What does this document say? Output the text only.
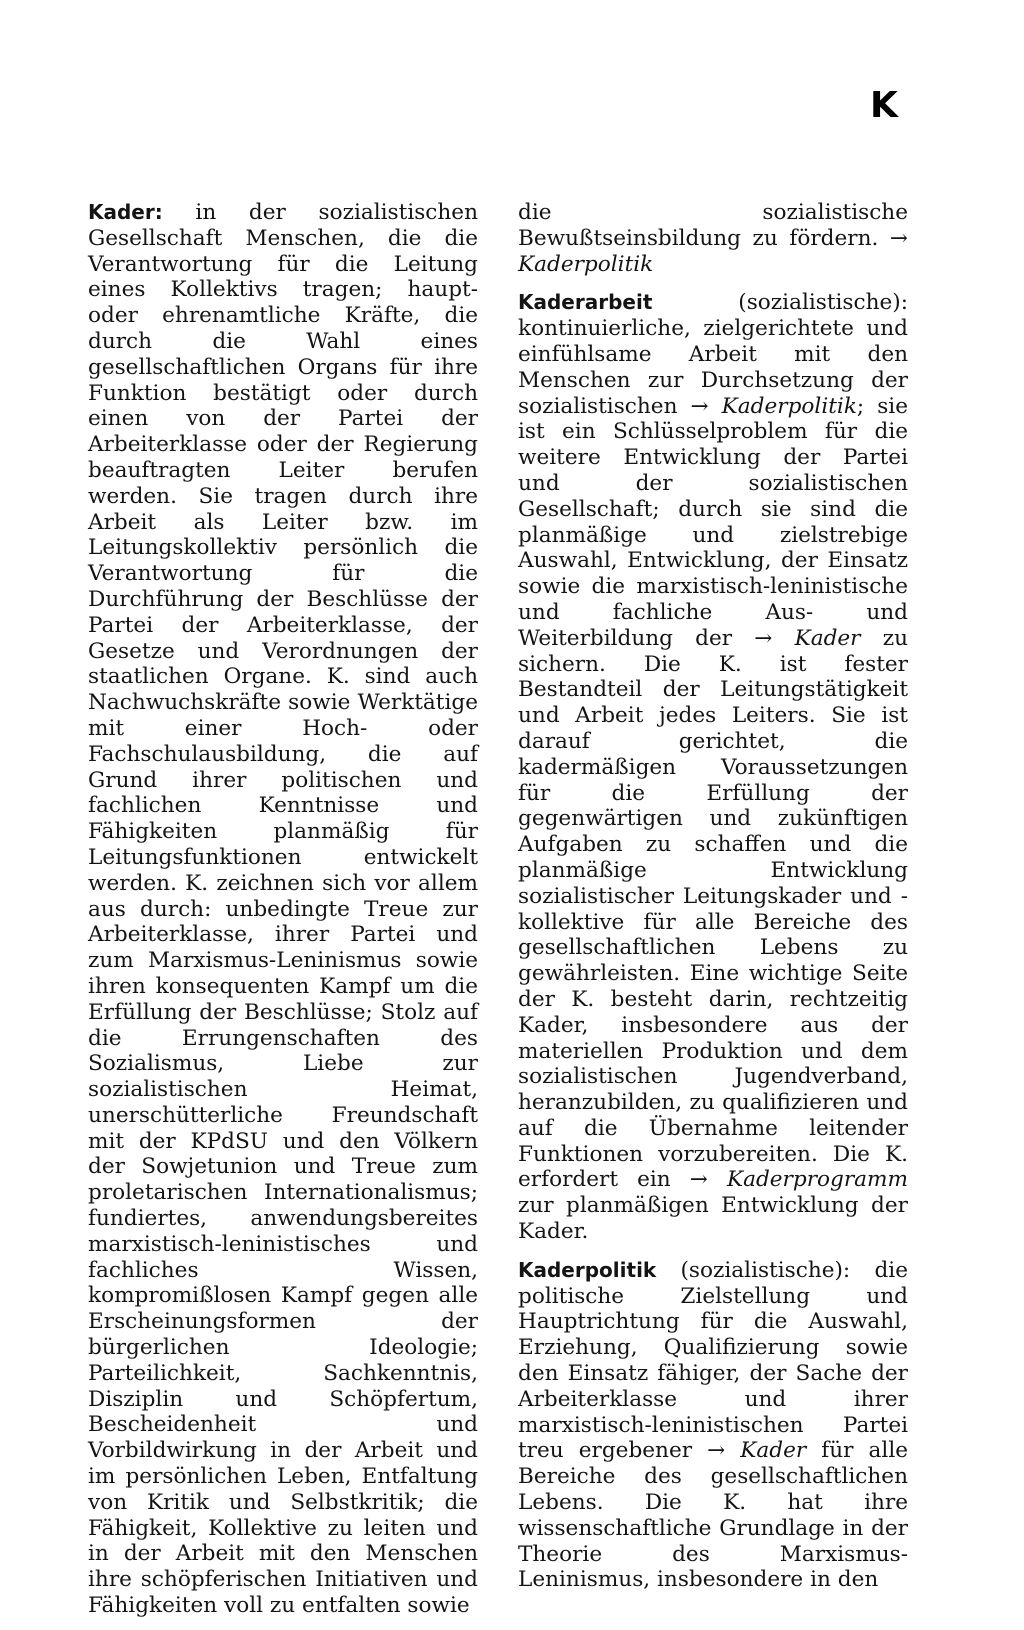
K

Kader: in der sozialistischen Gesellschaft Menschen, die die Verantwortung für die Leitung eines Kollektivs tragen; haupt- oder ehrenamtliche Kräfte, die durch die Wahl eines gesellschaftlichen Organs für ihre Funktion bestätigt oder durch einen von der Partei der Arbeiterklasse oder der Regierung beauftragten Leiter berufen werden. Sie tragen durch ihre Arbeit als Leiter bzw. im Leitungskollektiv persönlich die Verantwortung für die Durchführung der Beschlüsse der Partei der Arbeiterklasse, der Gesetze und Verordnungen der staatlichen Organe. K. sind auch Nachwuchskräfte sowie Werktätige mit einer Hoch- oder Fachschulausbildung, die auf Grund ihrer politischen und fachlichen Kenntnisse und Fähigkeiten planmäßig für Leitungsfunktionen entwickelt werden. K. zeichnen sich vor allem aus durch: unbedingte Treue zur Arbeiterklasse, ihrer Partei und zum Marxismus-Leninismus sowie ihren konsequenten Kampf um die Erfüllung der Beschlüsse; Stolz auf die Errungenschaften des Sozialismus, Liebe zur sozialistischen Heimat, unerschütterliche Freundschaft mit der KPdSU und den Völkern der Sowjetunion und Treue zum proletarischen Internationalismus; fundiertes, anwendungsbereites marxistisch-leninistisches und fachliches Wissen, kompromißlosen Kampf gegen alle Erscheinungsformen der bürgerlichen Ideologie; Parteilichkeit, Sachkenntnis, Disziplin und Schöpfertum, Bescheidenheit und Vorbildwirkung in der Arbeit und im persönlichen Leben, Entfaltung von Kritik und Selbstkritik; die Fähigkeit, Kollektive zu leiten und in der Arbeit mit den Menschen ihre schöpferischen Initiativen und Fähigkeiten voll zu entfalten sowie

die sozialistische Bewußtseinsbildung zu fördern. → Kaderpolitik

Kaderarbeit (sozialistische): kontinuierliche, zielgerichtete und einfühlsame Arbeit mit den Menschen zur Durchsetzung der sozialistischen → Kaderpolitik; sie ist ein Schlüsselproblem für die weitere Entwicklung der Partei und der sozialistischen Gesellschaft; durch sie sind die planmäßige und zielstrebige Auswahl, Entwicklung, der Einsatz sowie die marxistisch-leninistische und fachliche Aus- und Weiterbildung der → Kader zu sichern. Die K. ist fester Bestandteil der Leitungstätigkeit und Arbeit jedes Leiters. Sie ist darauf gerichtet, die kadermäßigen Voraussetzungen für die Erfüllung der gegenwärtigen und zukünftigen Aufgaben zu schaffen und die planmäßige Entwicklung sozialistischer Leitungskader und -kollektive für alle Bereiche des gesellschaftlichen Lebens zu gewährleisten. Eine wichtige Seite der K. besteht darin, rechtzeitig Kader, insbesondere aus der materiellen Produktion und dem sozialistischen Jugendverband, heranzubilden, zu qualifizieren und auf die Übernahme leitender Funktionen vorzubereiten. Die K. erfordert ein → Kaderprogramm zur planmäßigen Entwicklung der Kader.

Kaderpolitik (sozialistische): die politische Zielstellung und Hauptrichtung für die Auswahl, Erziehung, Qualifizierung sowie den Einsatz fähiger, der Sache der Arbeiterklasse und ihrer marxistisch-leninistischen Partei treu ergebener → Kader für alle Bereiche des gesellschaftlichen Lebens. Die K. hat ihre wissenschaftliche Grundlage in der Theorie des Marxismus-Leninismus, insbesondere in den
